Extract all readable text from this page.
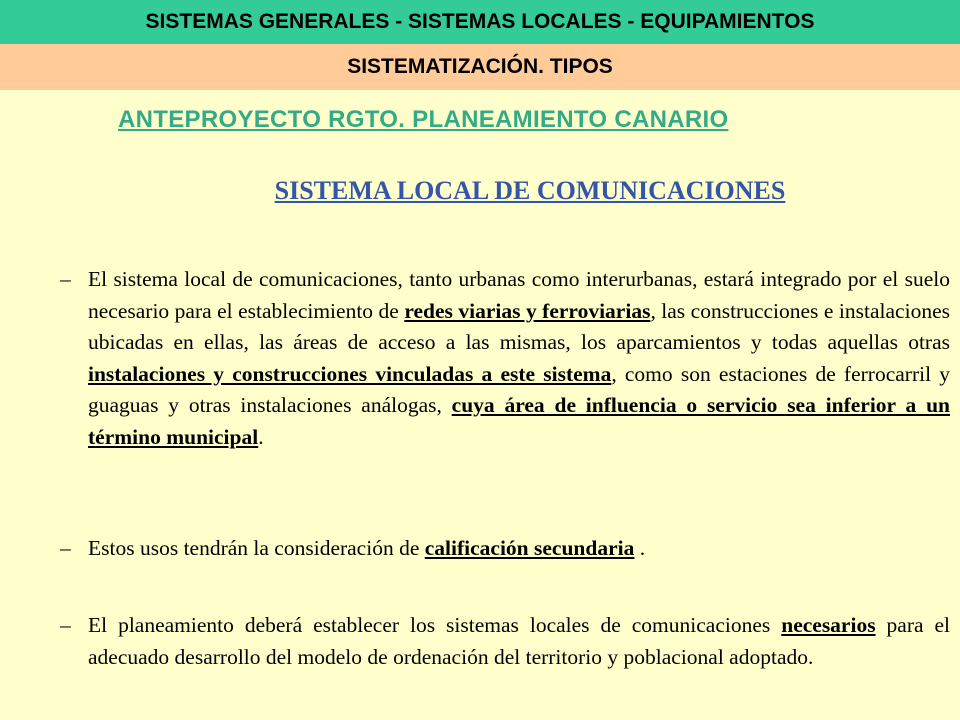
SISTEMAS GENERALES - SISTEMAS LOCALES - EQUIPAMIENTOS
SISTEMATIZACIÓN. TIPOS
ANTEPROYECTO RGTO. PLANEAMIENTO CANARIO
SISTEMA LOCAL DE COMUNICACIONES
– El sistema local de comunicaciones, tanto urbanas como interurbanas, estará integrado por el suelo necesario para el establecimiento de redes viarias y ferroviarias, las construcciones e instalaciones ubicadas en ellas, las áreas de acceso a las mismas, los aparcamientos y todas aquellas otras instalaciones y construcciones vinculadas a este sistema, como son estaciones de ferrocarril y guaguas y otras instalaciones análogas, cuya área de influencia o servicio sea inferior a un término municipal.
– Estos usos tendrán la consideración de calificación secundaria .
– El planeamiento deberá establecer los sistemas locales de comunicaciones necesarios para el adecuado desarrollo del modelo de ordenación del territorio y poblacional adoptado.
